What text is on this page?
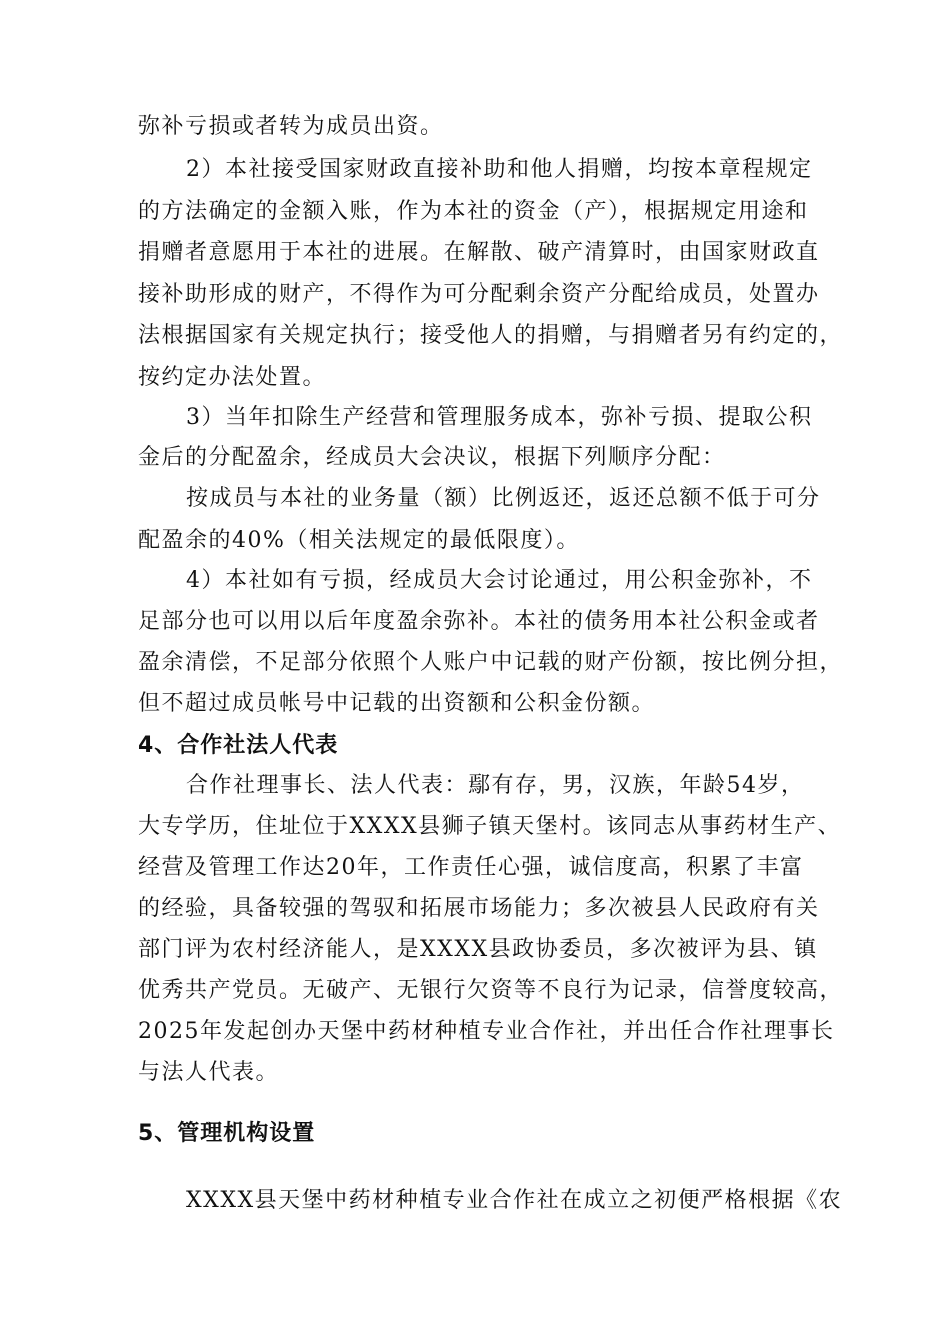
弥补亏损或者转为成员出资。
2）本社接受国家财政直接补助和他人捐赠，均按本章程规定
的方法确定的金额入账，作为本社的资金（产），根据规定用途和
捐赠者意愿用于本社的进展。在解散、破产清算时，由国家财政直
接补助形成的财产，不得作为可分配剩余资产分配给成员，处置办
法根据国家有关规定执行；接受他人的捐赠，与捐赠者另有约定的，
按约定办法处置。
3）当年扣除生产经营和管理服务成本，弥补亏损、提取公积
金后的分配盈余，经成员大会决议，根据下列顺序分配：
按成员与本社的业务量（额）比例返还，返还总额不低于可分
配盈余的40%（相关法规定的最低限度）。
4）本社如有亏损，经成员大会讨论通过，用公积金弥补，不
足部分也可以用以后年度盈余弥补。本社的债务用本社公积金或者
盈余清偿，不足部分依照个人账户中记载的财产份额，按比例分担，
但不超过成员帐号中记载的出资额和公积金份额。
4、合作社法人代表
合作社理事长、法人代表：鄢有存，男，汉族，年龄54岁，
大专学历，住址位于XXXX县狮子镇天堡村。该同志从事药材生产、
经营及管理工作达20年，工作责任心强，诚信度高，积累了丰富
的经验，具备较强的驾驭和拓展市场能力；多次被县人民政府有关
部门评为农村经济能人，是XXXX县政协委员，多次被评为县、镇
优秀共产党员。无破产、无银行欠资等不良行为记录，信誉度较高，
2025年发起创办天堡中药材种植专业合作社，并出任合作社理事长
与法人代表。
5、管理机构设置
XXXX县天堡中药材种植专业合作社在成立之初便严格根据《农
